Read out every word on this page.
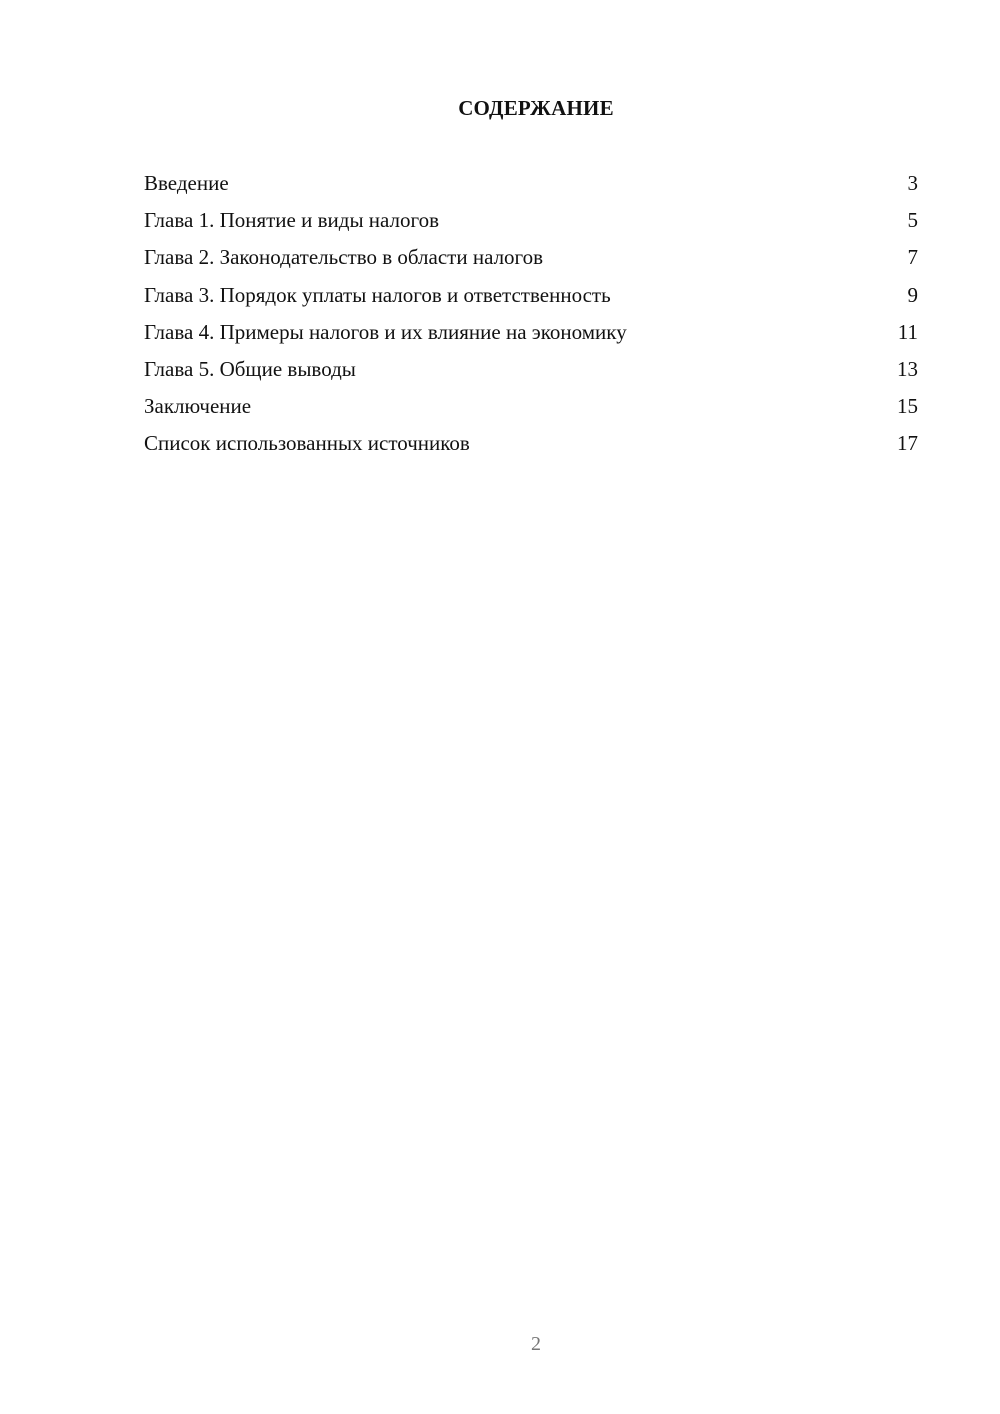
СОДЕРЖАНИЕ
Введение	3
Глава 1. Понятие и виды налогов	5
Глава 2. Законодательство в области налогов	7
Глава 3. Порядок уплаты налогов и ответственность	9
Глава 4. Примеры налогов и их влияние на экономику	11
Глава 5. Общие выводы	13
Заключение	15
Список использованных источников	17
2
